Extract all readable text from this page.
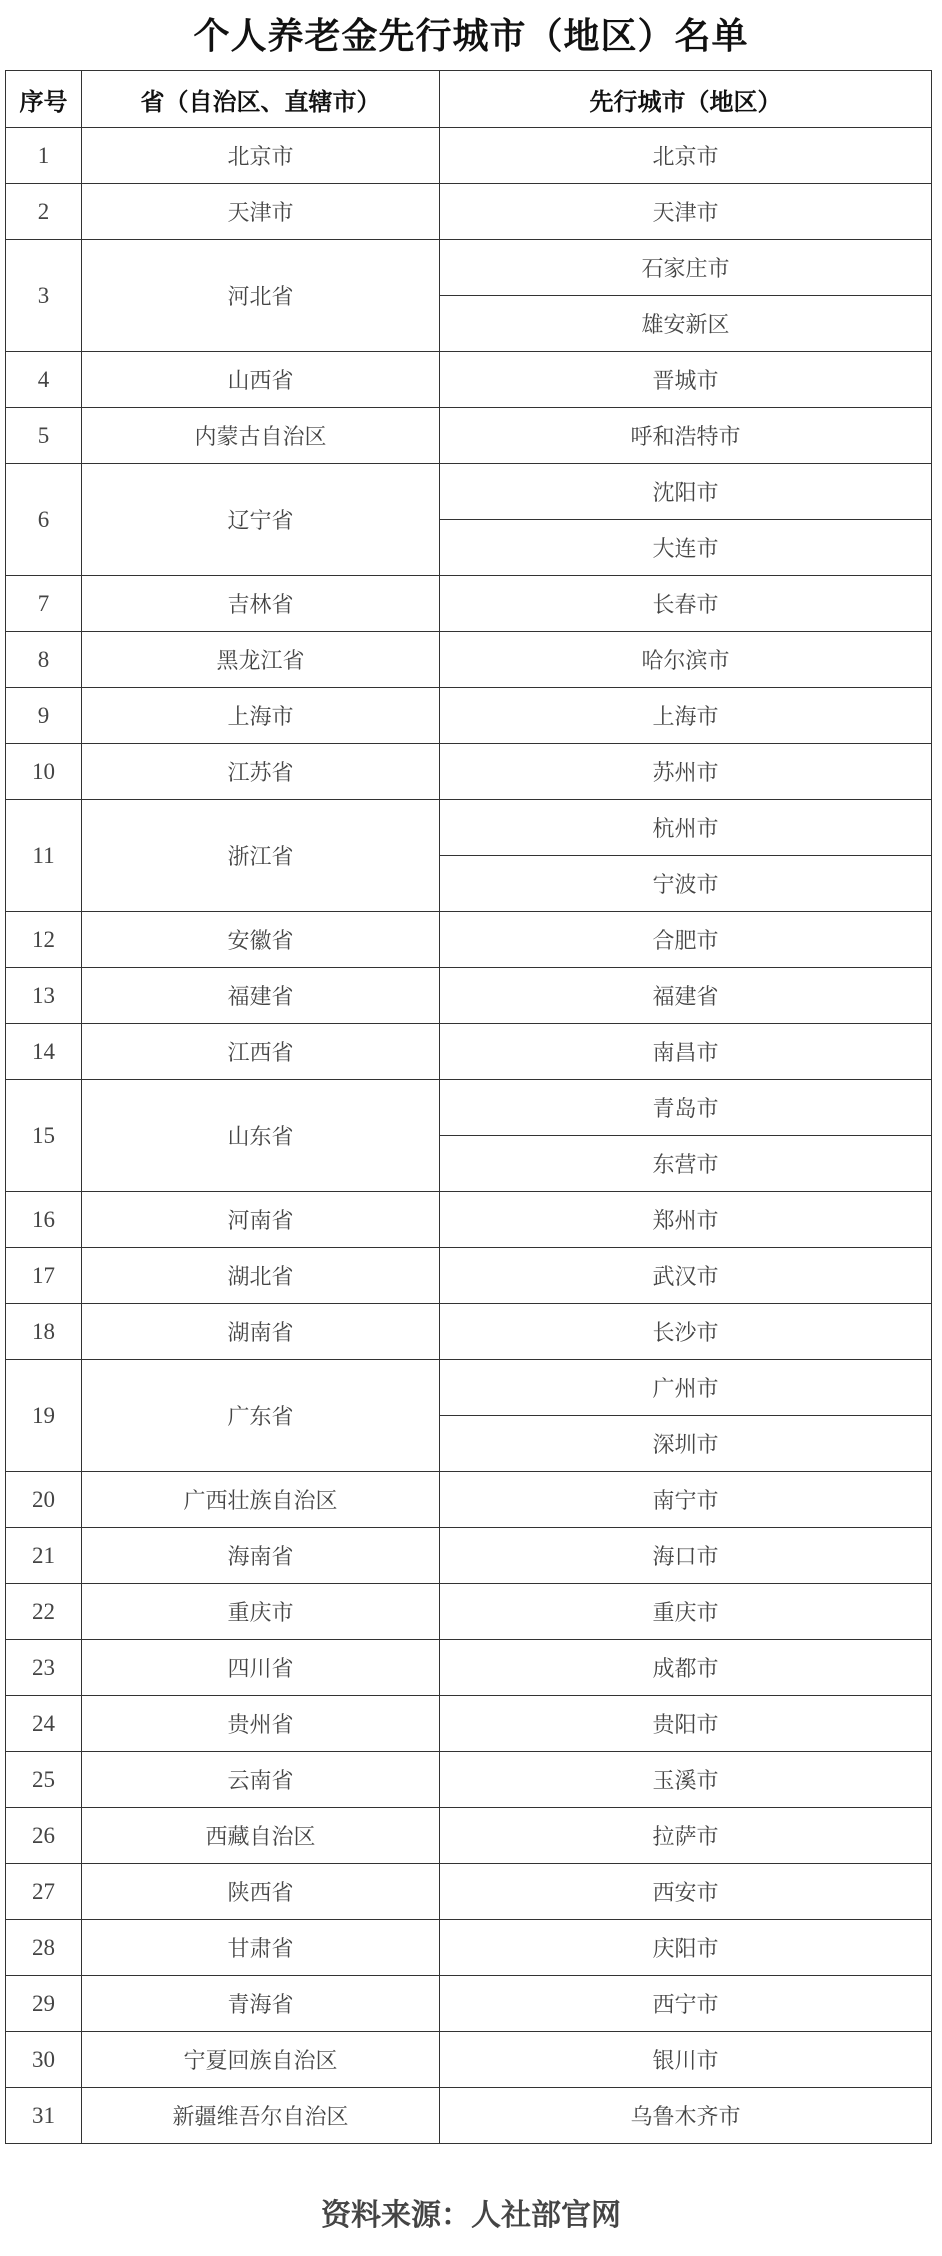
个人养老金先行城市（地区）名单
序号	省（自治区、直辖市）	先行城市（地区）
1	北京市	北京市
2	天津市	天津市
3	河北省	石家庄市
		雄安新区
4	山西省	晋城市
5	内蒙古自治区	呼和浩特市
6	辽宁省	沈阳市
		大连市
7	吉林省	长春市
8	黑龙江省	哈尔滨市
9	上海市	上海市
10	江苏省	苏州市
11	浙江省	杭州市
		宁波市
12	安徽省	合肥市
13	福建省	福建省
14	江西省	南昌市
15	山东省	青岛市
		东营市
16	河南省	郑州市
17	湖北省	武汉市
18	湖南省	长沙市
19	广东省	广州市
		深圳市
20	广西壮族自治区	南宁市
21	海南省	海口市
22	重庆市	重庆市
23	四川省	成都市
24	贵州省	贵阳市
25	云南省	玉溪市
26	西藏自治区	拉萨市
27	陕西省	西安市
28	甘肃省	庆阳市
29	青海省	西宁市
30	宁夏回族自治区	银川市
31	新疆维吾尔自治区	乌鲁木齐市
资料来源：人社部官网
